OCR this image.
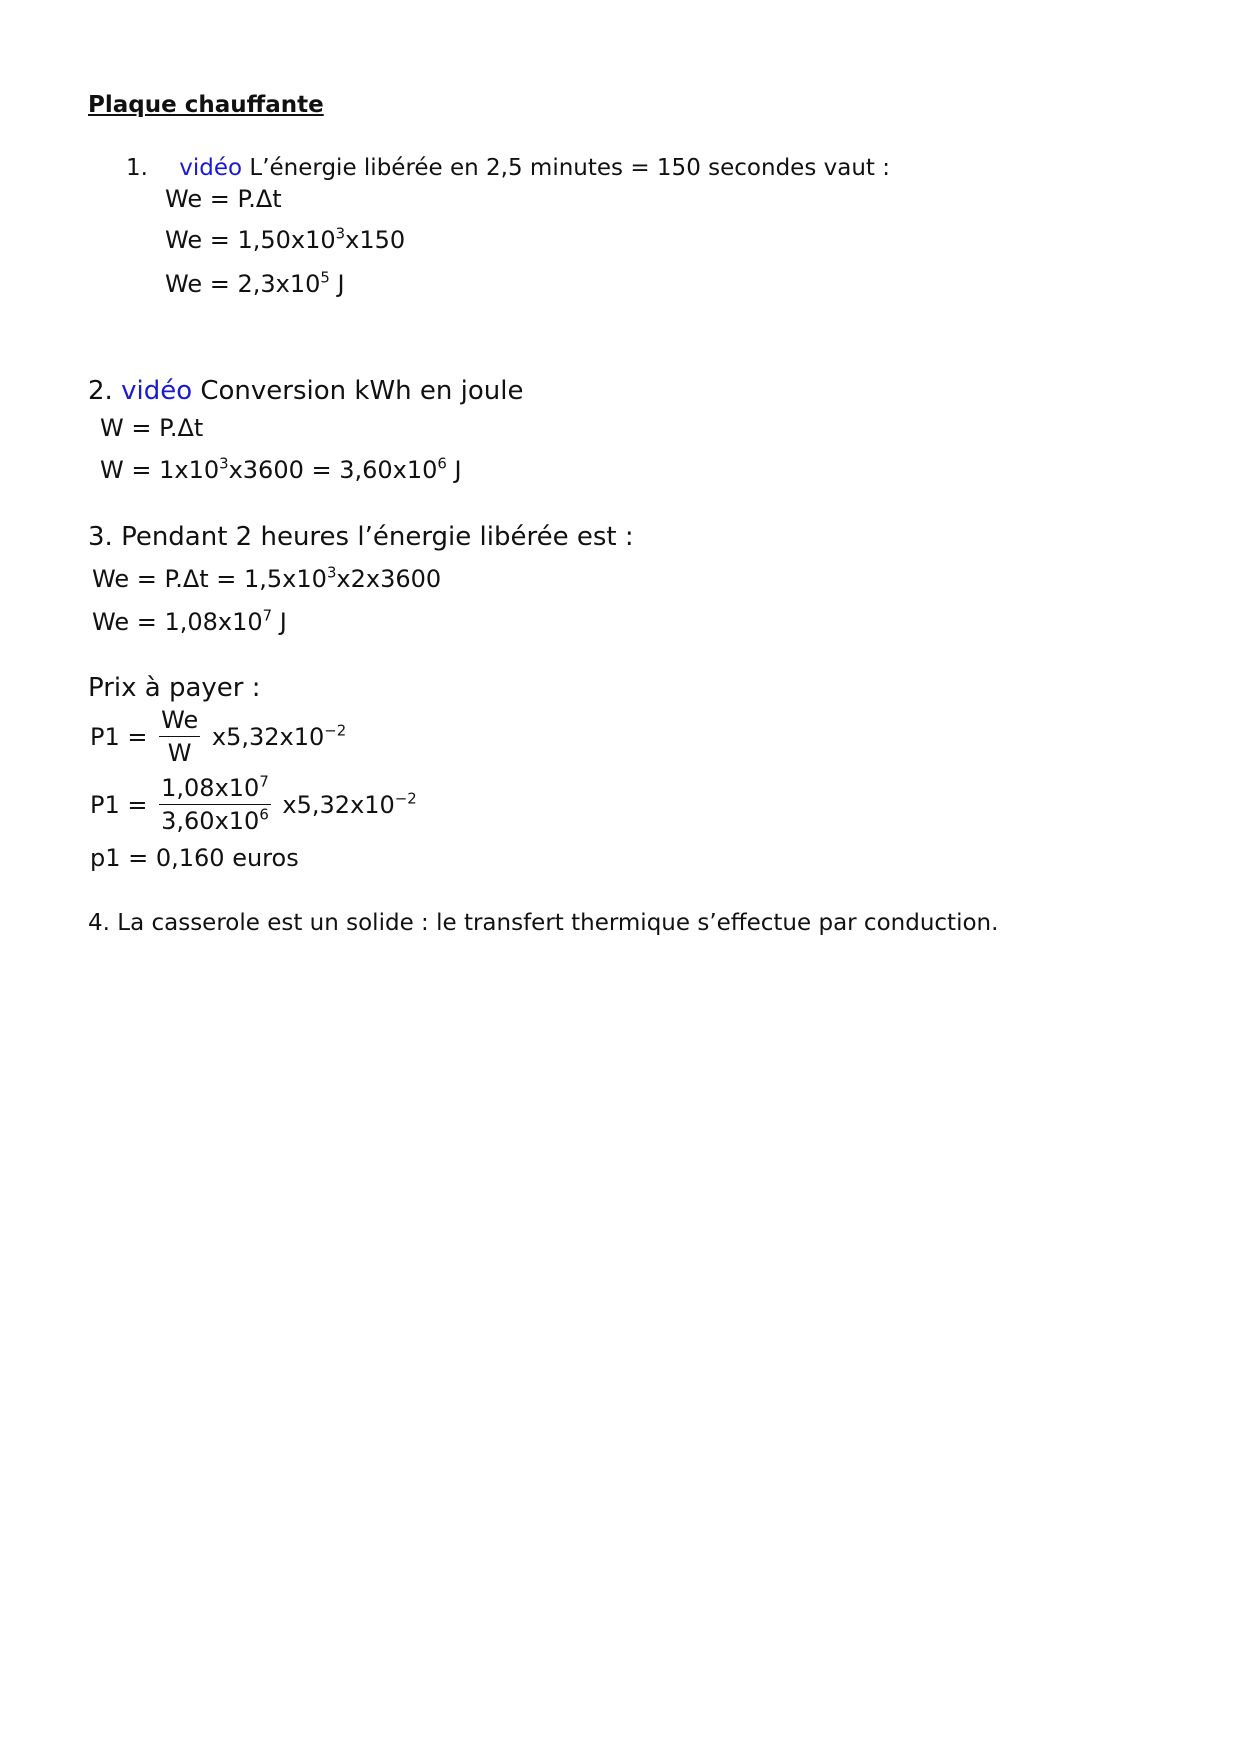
Plaque chauffante
1. vidéo L’énergie libérée en 2,5 minutes = 150 secondes vaut :
We = P.Δt
$We = 1,50x10^3x150$
$We = 2,3x10^5$ J
2. vidéo Conversion kWh en joule
W = P.Δt
$W = 1x10^3x3600 = 3,60x10^6$ J
3. Pendant 2 heures l’énergie libérée est :
$We = P.\Delta t = 1,5x10^3x2x3600$
$We = 1,08x10^7$ J
Prix à payer :
$P1 = \frac{We}{W} x5,32x10^{-2}$
$P1 = \frac{1,08x10^7}{3,60x10^6} x5,32x10^{-2}$
p1 = 0,160 euros
4. La casserole est un solide : le transfert thermique s’effectue par conduction.
